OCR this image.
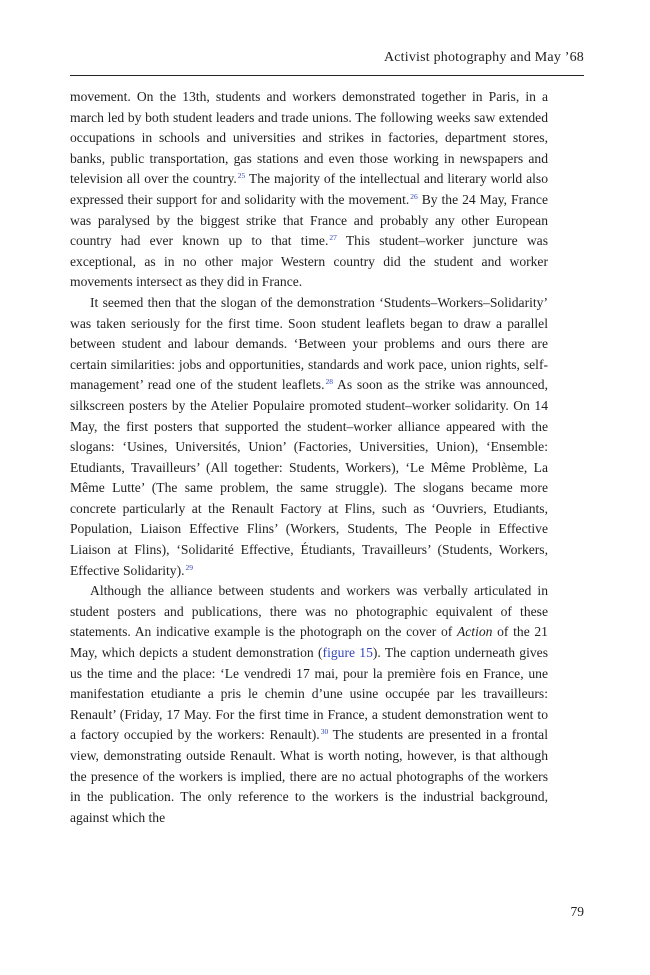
Activist photography and May ’68

movement. On the 13th, students and workers demonstrated together in Paris, in a march led by both student leaders and trade unions. The following weeks saw extended occupations in schools and universities and strikes in factories, department stores, banks, public transportation, gas stations and even those working in newspapers and television all over the country.$^{25}$ The majority of the intellectual and literary world also expressed their support for and solidarity with the movement.$^{26}$ By the 24 May, France was paralysed by the biggest strike that France and probably any other European country had ever known up to that time.$^{27}$ This student–worker juncture was exceptional, as in no other major Western country did the student and worker movements intersect as they did in France.

It seemed then that the slogan of the demonstration ‘Students–Workers–Solidarity’ was taken seriously for the first time. Soon student leaflets began to draw a parallel between student and labour demands. ‘Between your problems and ours there are certain similarities: jobs and opportunities, standards and work pace, union rights, self-management’ read one of the student leaflets.$^{28}$ As soon as the strike was announced, silkscreen posters by the Atelier Populaire promoted student–worker solidarity. On 14 May, the first posters that supported the student–worker alliance appeared with the slogans: ‘Usines, Universités, Union’ (Factories, Universities, Union), ‘Ensemble: Etudiants, Travailleurs’ (All together: Students, Workers), ‘Le Même Problème, La Même Lutte’ (The same problem, the same struggle). The slogans became more concrete particularly at the Renault Factory at Flins, such as ‘Ouvriers, Etudiants, Population, Liaison Effective Flins’ (Workers, Students, The People in Effective Liaison at Flins), ‘Solidarité Effective, Étudiants, Travailleurs’ (Students, Workers, Effective Solidarity).$^{29}$

Although the alliance between students and workers was verbally articulated in student posters and publications, there was no photographic equivalent of these statements. An indicative example is the photograph on the cover of Action of the 21 May, which depicts a student demonstration (figure 15). The caption underneath gives us the time and the place: ‘Le vendredi 17 mai, pour la première fois en France, une manifestation etudiante a pris le chemin d’une usine occupée par les travailleurs: Renault’ (Friday, 17 May. For the first time in France, a student demonstration went to a factory occupied by the workers: Renault).$^{30}$ The students are presented in a frontal view, demonstrating outside Renault. What is worth noting, however, is that although the presence of the workers is implied, there are no actual photographs of the workers in the publication. The only reference to the workers is the industrial background, against which the

79
